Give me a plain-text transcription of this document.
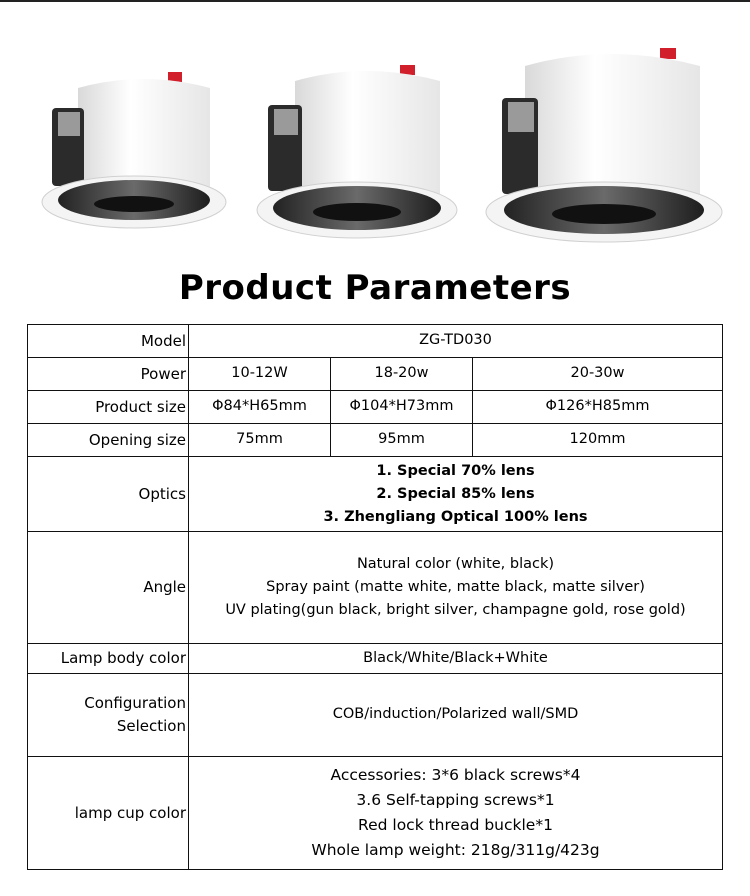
Product Parameters
Model	ZG-TD030		
Power	10-12W	18-20w	20-30w
Product size	Φ84*H65mm	Φ104*H73mm	Φ126*H85mm
Opening size	75mm	95mm	120mm
Optics	1. Special 70% lens
2. Special 85% lens
3. Zhengliang Optical 100% lens		

Angle	Natural color (white, black)
Spray paint (matte white, matte black, matte silver)
UV plating(gun black, bright silver, champagne gold, rose gold)		

Lamp body color	Black/White/Black+White		

Configuration
Selection	COB/induction/Polarized wall/SMD		
lamp cup color	Accessories: 3*6 black screws*4
3.6 Self-tapping screws*1
Red lock thread buckle*1
Whole lamp weight: 218g/311g/423g		
